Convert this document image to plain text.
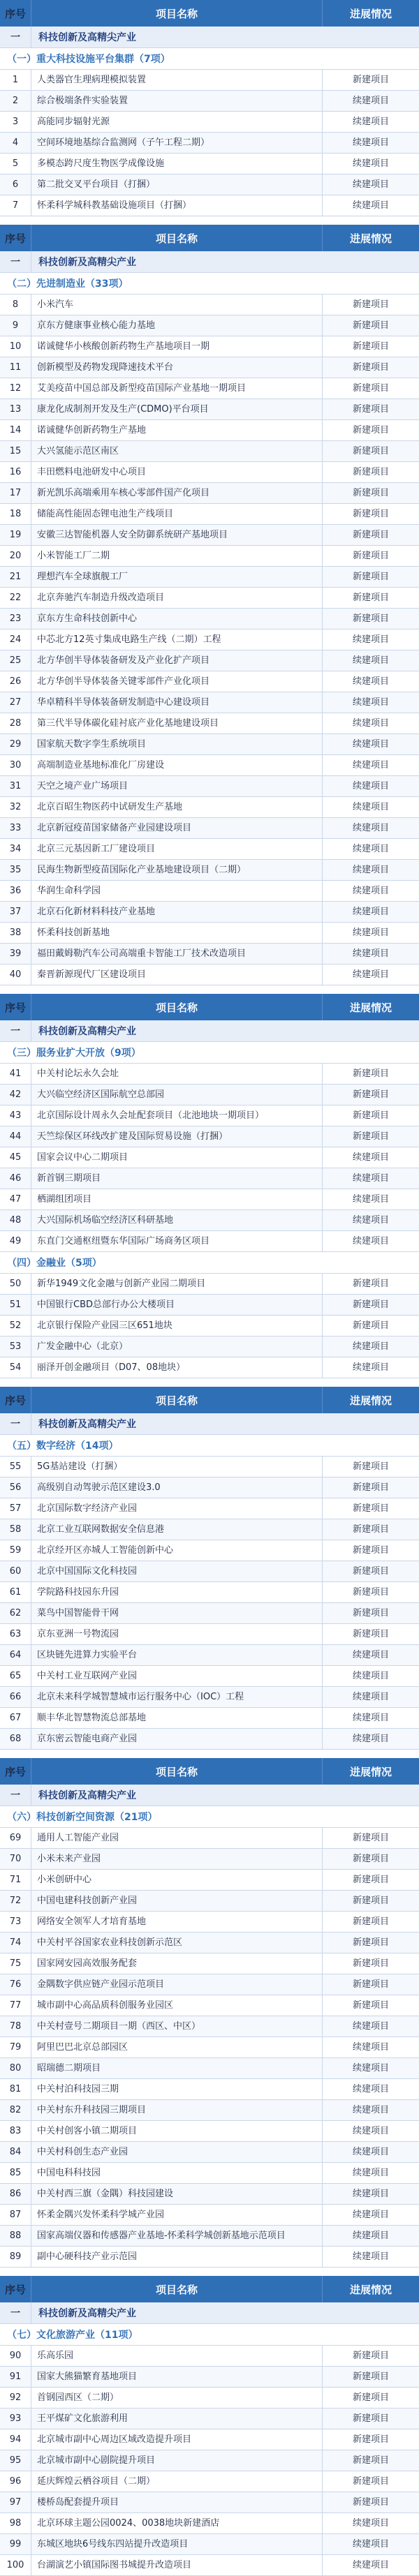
序号	项目名称	进展情况
一	科技创新及高精尖产业
（一）重大科技设施平台集群（7项）
1	人类器官生理病理模拟装置	新建项目
2	综合极端条件实验装置	续建项目
3	高能同步辐射光源	续建项目
4	空间环境地基综合监测网（子午工程二期）	续建项目
5	多模态跨尺度生物医学成像设施	续建项目
6	第二批交叉平台项目（打捆）	续建项目
7	怀柔科学城科教基础设施项目（打捆）	续建项目
序号	项目名称	进展情况
一	科技创新及高精尖产业
（二）先进制造业（33项）
8	小米汽车	新建项目
9	京东方健康事业核心能力基地	新建项目
10	诺诚健华小核酸创新药物生产基地项目一期	新建项目
11	创新模型及药物发现降速技术平台	新建项目
12	艾美疫苗中国总部及新型疫苗国际产业基地一期项目	新建项目
13	康龙化成制剂开发及生产(CDMO)平台项目	新建项目
14	诺诚健华创新药物生产基地	新建项目
15	大兴氢能示范区南区	新建项目
16	丰田燃料电池研发中心项目	新建项目
17	新光凯乐高端乘用车核心零部件国产化项目	新建项目
18	储能高性能固态锂电池生产线项目	新建项目
19	安徽三达智能机器人安全防御系统研产基地项目	新建项目
20	小米智能工厂二期	新建项目
21	理想汽车全球旗舰工厂	新建项目
22	北京奔驰汽车制造升级改造项目	新建项目
23	京东方生命科技创新中心	新建项目
24	中芯北方12英寸集成电路生产线（二期）工程	续建项目
25	北方华创半导体装备研发及产业化扩产项目	续建项目
26	北方华创半导体装备关键零部件产业化项目	续建项目
27	华卓精科半导体装备研发制造中心建设项目	续建项目
28	第三代半导体碳化硅衬底产业化基地建设项目	续建项目
29	国家航天数字孪生系统项目	续建项目
30	高端制造业基地标准化厂房建设	续建项目
31	天空之境产业广场项目	续建项目
32	北京百昭生物医药中试研发生产基地	续建项目
33	北京新冠疫苗国家储备产业园建设项目	续建项目
34	北京三元基因新工厂建设项目	续建项目
35	民海生物新型疫苗国际化产业基地建设项目（二期）	续建项目
36	华润生命科学园	续建项目
37	北京石化新材料科技产业基地	续建项目
38	怀柔科技创新基地	续建项目
39	福田戴姆勒汽车公司高端重卡智能工厂技术改造项目	续建项目
40	秦晋新源现代厂区建设项目	续建项目
序号	项目名称	进展情况
一	科技创新及高精尖产业
（三）服务业扩大开放（9项）
41	中关村论坛永久会址	新建项目
42	大兴临空经济区国际航空总部园	新建项目
43	北京国际设计周永久会址配套项目（北池地块一期项目）	新建项目
44	天竺综保区环线改扩建及国际贸易设施（打捆）	新建项目
45	国家会议中心二期项目	续建项目
46	新首钢三期项目	续建项目
47	栖湖组团项目	续建项目
48	大兴国际机场临空经济区科研基地	续建项目
49	东直门交通枢纽暨东华国际广场商务区项目	续建项目
（四）金融业（5项）
50	新华1949文化金融与创新产业园二期项目	新建项目
51	中国银行CBD总部行办公大楼项目	新建项目
52	北京银行保险产业园三区651地块	新建项目
53	广发金融中心（北京）	续建项目
54	丽泽开创金融项目（D07、08地块）	续建项目
序号	项目名称	进展情况
一	科技创新及高精尖产业
（五）数字经济（14项）
55	5G基站建设（打捆）	新建项目
56	高级别自动驾驶示范区建设3.0	新建项目
57	北京国际数字经济产业园	新建项目
58	北京工业互联网数据安全信息港	新建项目
59	北京经开区亦城人工智能创新中心	新建项目
60	北京中国国际文化科技园	新建项目
61	学院路科技园东升园	新建项目
62	菜鸟中国智能骨干网	新建项目
63	京东亚洲一号物流园	新建项目
64	区块链先进算力实验平台	续建项目
65	中关村工业互联网产业园	续建项目
66	北京未来科学城智慧城市运行服务中心（IOC）工程	续建项目
67	顺丰华北智慧物流总部基地	续建项目
68	京东密云智能电商产业园	续建项目
序号	项目名称	进展情况
一	科技创新及高精尖产业
（六）科技创新空间资源（21项）
69	通用人工智能产业园	新建项目
70	小米未来产业园	新建项目
71	小米创研中心	新建项目
72	中国电建科技创新产业园	新建项目
73	网络安全领军人才培育基地	新建项目
74	中关村平谷国家农业科技创新示范区	新建项目
75	国家网安园高效服务配套	新建项目
76	金隅数字供应链产业园示范项目	新建项目
77	城市副中心高品质科创服务业园区	新建项目
78	中关村壹号二期项目一期（西区、中区）	续建项目
79	阿里巴巴北京总部园区	续建项目
80	昭瑞德二期项目	续建项目
81	中关村泊科技园三期	续建项目
82	中关村东升科技园三期项目	续建项目
83	中关村创客小镇二期项目	续建项目
84	中关村科创生态产业园	续建项目
85	中国电科科技园	续建项目
86	中关村西三旗（金隅）科技园建设	续建项目
87	怀柔金隅兴发怀柔科学城产业园	续建项目
88	国家高端仪器和传感器产业基地-怀柔科学城创新基地示范项目	续建项目
89	副中心硬科技产业示范园	续建项目
序号	项目名称	进展情况
一	科技创新及高精尖产业
（七）文化旅游产业（11项）
90	乐高乐园	新建项目
91	国家大熊猫繁育基地项目	新建项目
92	首钢园西区（二期）	新建项目
93	王平煤矿文化旅游利用	新建项目
94	北京城市副中心周边区域改造提升项目	新建项目
95	北京城市副中心剧院提升项目	新建项目
96	延庆辉煌云栖谷项目（二期）	新建项目
97	楼桥岛配套提升项目	新建项目
98	北京环球主题公园0024、0038地块新建酒店	续建项目
99	东城区地块6号线东四站提升改造项目	续建项目
100	台湖演艺小镇国际图书城提升改造项目	续建项目
